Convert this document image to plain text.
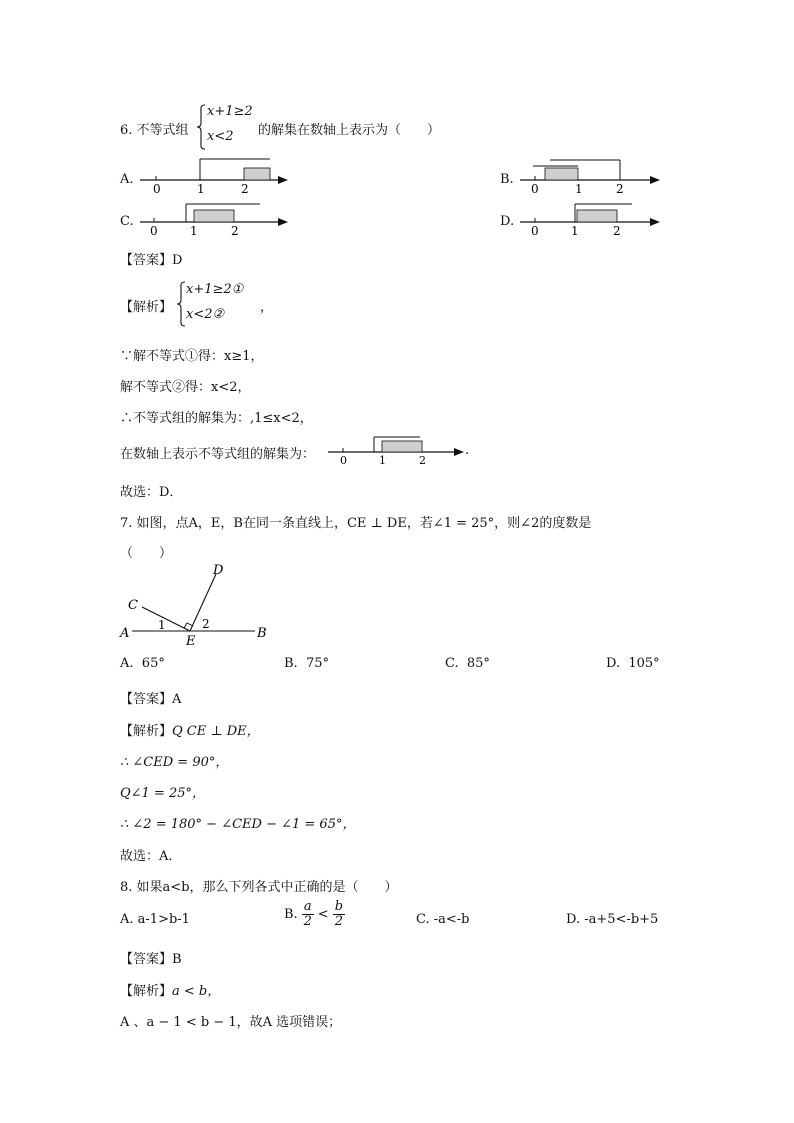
6. 不等式组
x+1≥2
x<2 的解集在数轴上表示为（　　）
A.
0	1	2
B.
0	1	2
C.
0	1	2
D.
0	1	2
【答案】D
【解析】
x+1≥2①
x<2②	，
∵解不等式①得：x≥1，
解不等式②得：x<2，
∴不等式组的解集为：,1≤x<2，
在数轴上表示不等式组的解集为： 0	1	2
.
故选：D．
7. 如图，点A，E，B在同一条直线上，CE ⊥ DE，若∠1 = 25°，则∠2的度数是
（　　）
D
C
A	B
E
1	2
A. 65°	B. 75°	C. 85°	D. 105°
【答案】A
【解析】Q CE ⊥ DE，
∴ ∠CED = 90°，
Q∠1 = 25°，
∴ ∠2 = 180° − ∠CED − ∠1 = 65°，
故选：A．
8. 如果a<b，那么下列各式中正确的是（　　）
A. a-1>b-1	B. $\frac{a}{2} < \frac{b}{2}$	C. -a<-b	D. -a+5<-b+5
【答案】B
【解析】a < b，
A 、a − 1 < b − 1，故A 选项错误；
